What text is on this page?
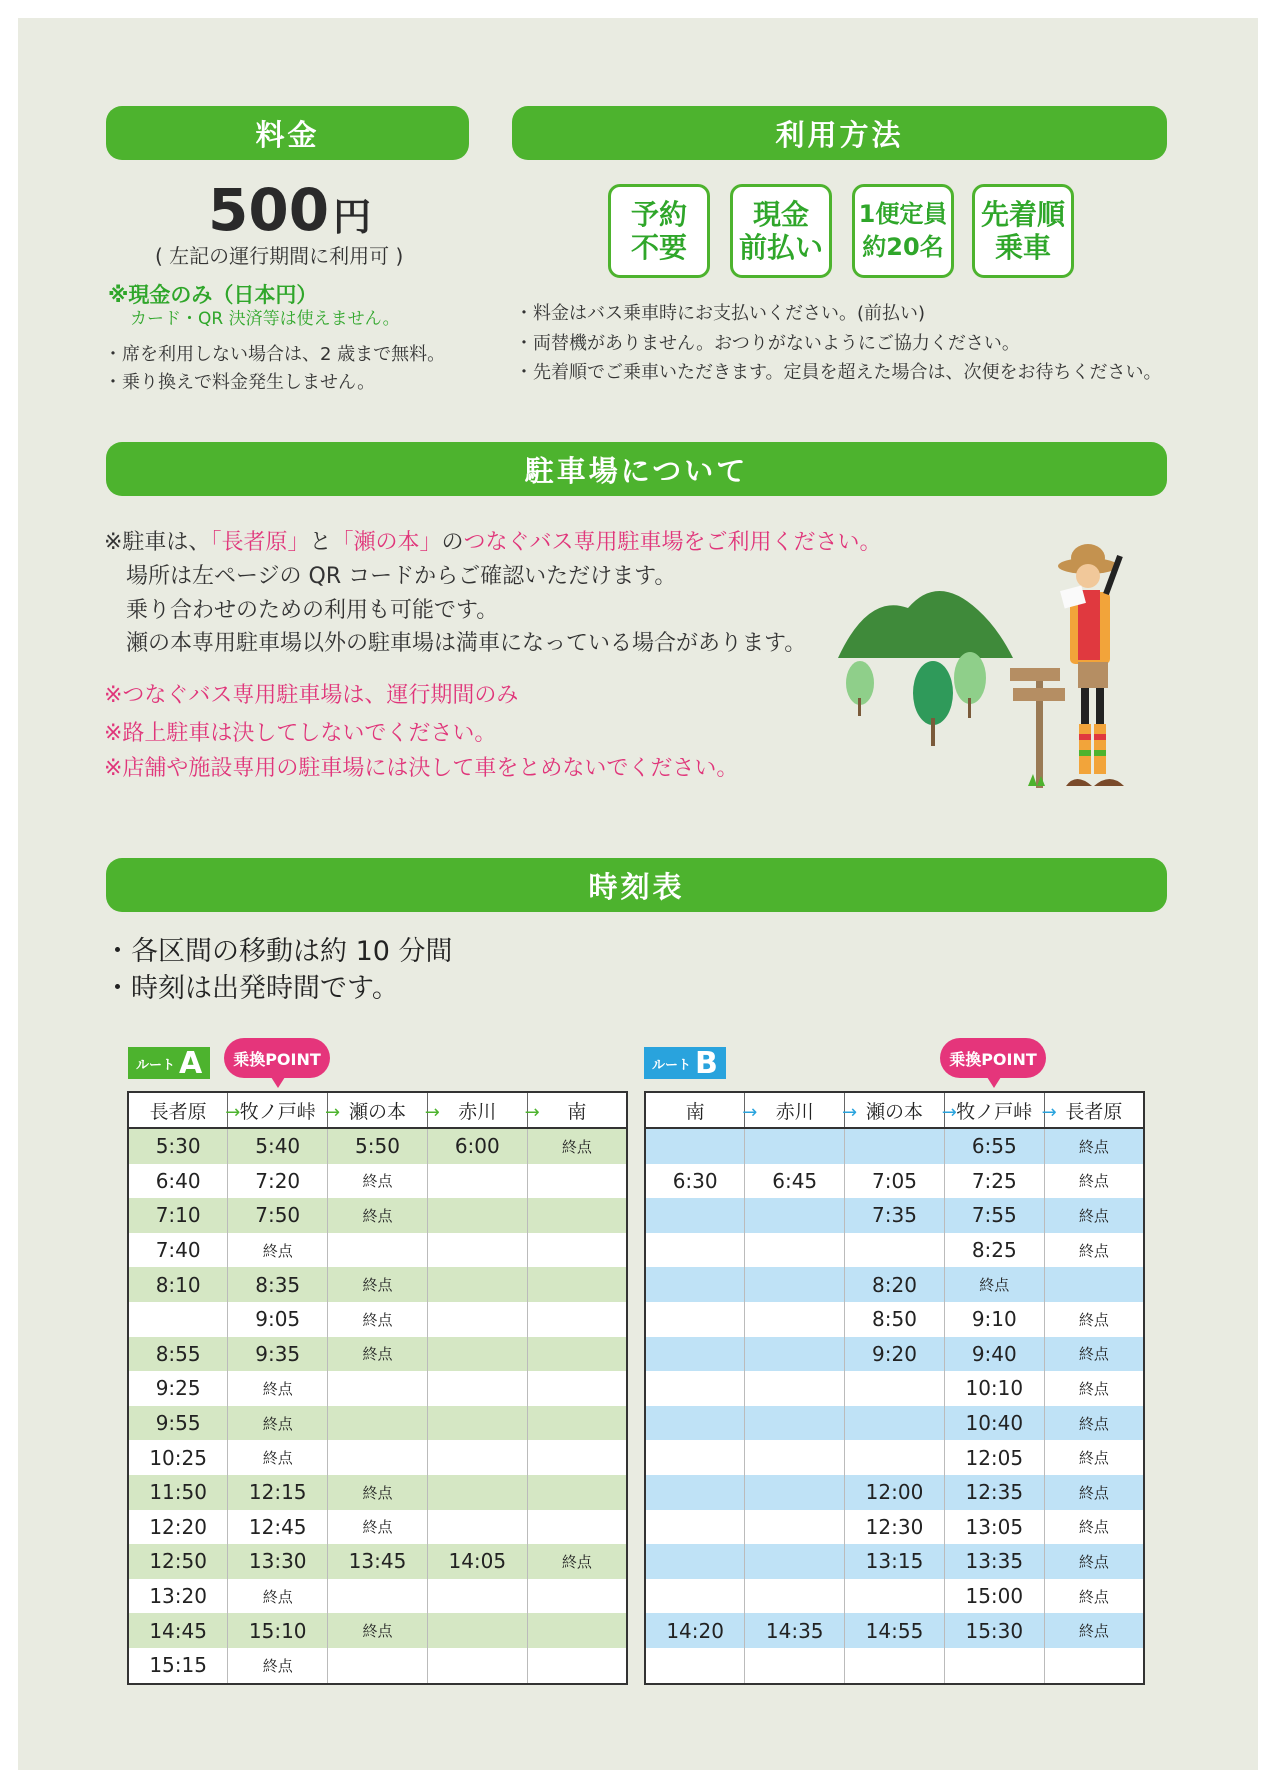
料金
500 円
( 左記の運行期間に利用可 )
※現金のみ（日本円）
カード・QR 決済等は使えません。
・席を利用しない場合は、2 歳まで無料。
・乗り換えで料金発生しません。
利用方法
予約
不要
現金
前払い
1便定員
約20名
先着順
乗車
・料金はバス乗車時にお支払いください。(前払い)
・両替機がありません。おつりがないようにご協力ください。
・先着順でご乗車いただきます。定員を超えた場合は、次便をお待ちください。
駐車場について
※駐車は、「長者原」と「瀬の本」のつなぐバス専用駐車場をご利用ください。
場所は左ページの QR コードからご確認いただけます。
乗り合わせのための利用も可能です。
瀬の本専用駐車場以外の駐車場は満車になっている場合があります。
※つなぐバス専用駐車場は、運行期間のみ
※路上駐車は決してしないでください。
※店舗や施設専用の駐車場には決して車をとめないでください。
時刻表
・各区間の移動は約 10 分間
・時刻は出発時間です。
ルート A	乗換POINT	ルート B	乗換POINT
長者原 →	牧ノ戸峠 →	瀬の本 →	赤川 →	南
5:30	5:40	5:50	6:00	終点
6:40	7:20	終点		
7:10	7:50	終点		
7:40	終点			
8:10	8:35	終点		
	9:05	終点		
8:55	9:35	終点		
9:25	終点			
9:55	終点			
10:25	終点			
11:50	12:15	終点		
12:20	12:45	終点		
12:50	13:30	13:45	14:05	終点
13:20	終点			
14:45	15:10	終点		
15:15	終点			
南 →	赤川 →	瀬の本 →	牧ノ戸峠 →	長者原
			6:55	終点
6:30	6:45	7:05	7:25	終点
		7:35	7:55	終点
			8:25	終点
		8:20	終点	
		8:50	9:10	終点
		9:20	9:40	終点
			10:10	終点
			10:40	終点
			12:05	終点
		12:00	12:35	終点
		12:30	13:05	終点
		13:15	13:35	終点
			15:00	終点
14:20	14:35	14:55	15:30	終点
